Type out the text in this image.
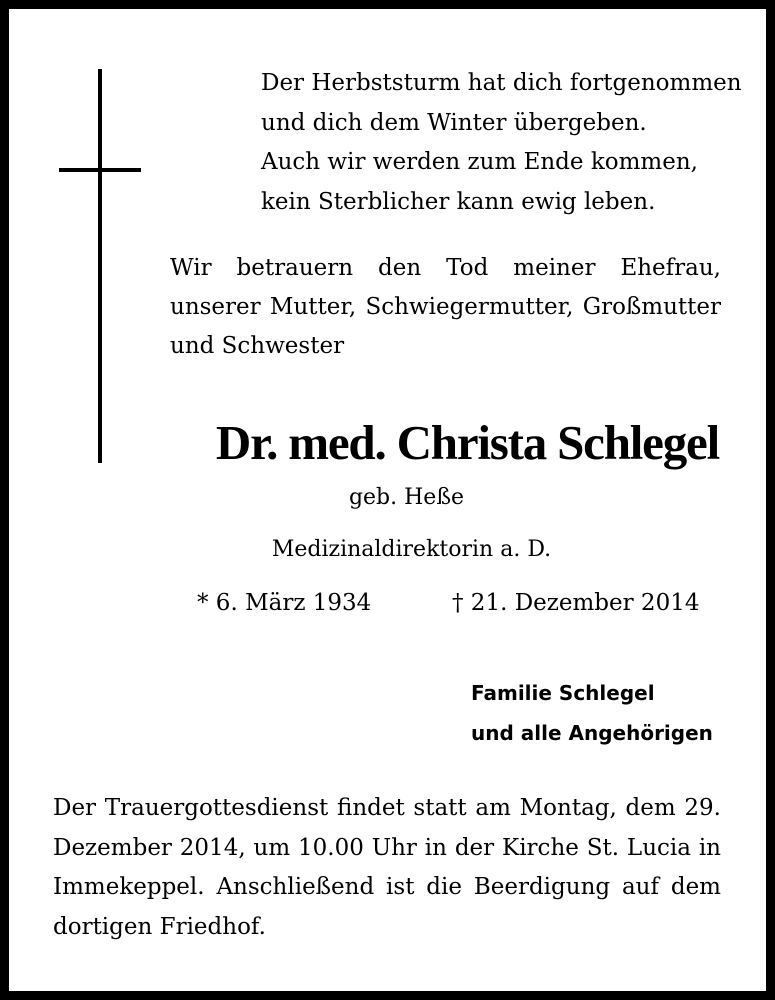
Der Herbststurm hat dich fortgenommen
und dich dem Winter übergeben.
Auch wir werden zum Ende kommen,
kein Sterblicher kann ewig leben.
Wir betrauern den Tod meiner Ehefrau, unserer Mutter, Schwiegermutter, Großmutter und Schwester
Dr. med. Christa Schlegel
geb. Heße
Medizinaldirektorin a. D.
* 6. März 1934	† 21. Dezember 2014
Familie Schlegel
und alle Angehörigen
Der Trauergottesdienst findet statt am Montag, dem 29. Dezember 2014, um 10.00 Uhr in der Kirche St. Lucia in Immekeppel. Anschließend ist die Beerdigung auf dem dortigen Friedhof.
